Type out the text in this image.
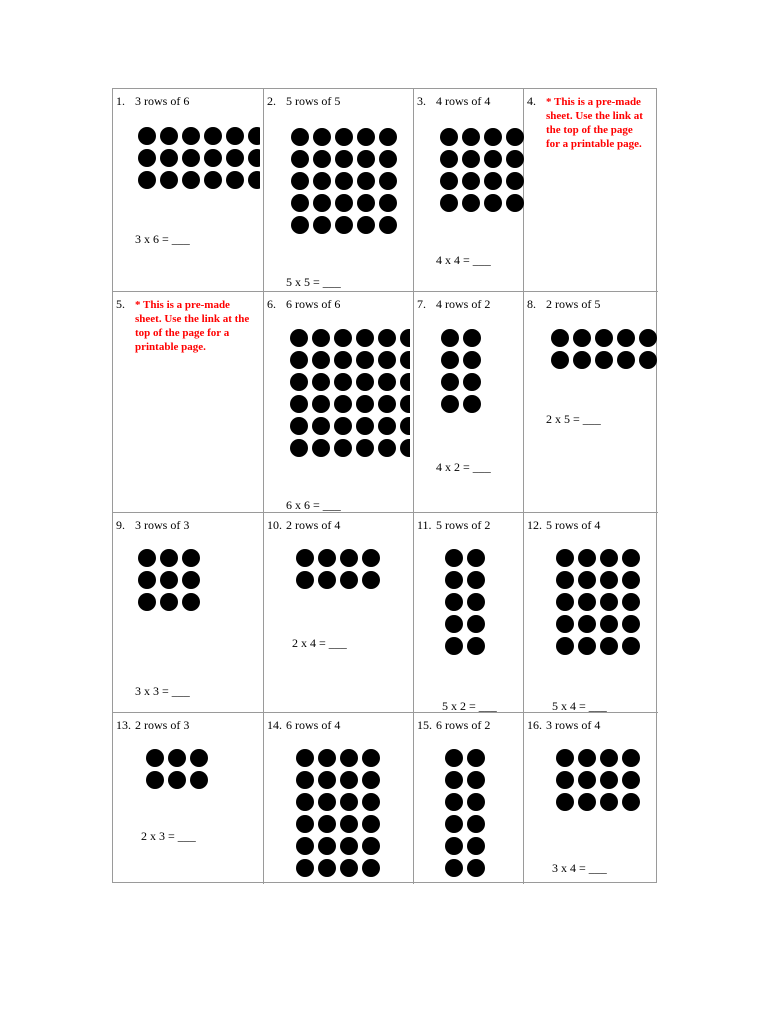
1. 3 rows of 6
3 x 6 = ___
2. 5 rows of 5
5 x 5 = ___
3. 4 rows of 4
4 x 4 = ___
4. * This is a pre-made sheet. Use the link at the top of the page for a printable page.
5. * This is a pre-made sheet. Use the link at the top of the page for a printable page.
6. 6 rows of 6
6 x 6 = ___
7. 4 rows of 2
4 x 2 = ___
8. 2 rows of 5
2 x 5 = ___
9. 3 rows of 3
3 x 3 = ___
10. 2 rows of 4
2 x 4 = ___
11. 5 rows of 2
5 x 2 = ___
12. 5 rows of 4
5 x 4 = ___
13. 2 rows of 3
2 x 3 = ___
14. 6 rows of 4	15. 6 rows of 2	16. 3 rows of 4
3 x 4 = ___
